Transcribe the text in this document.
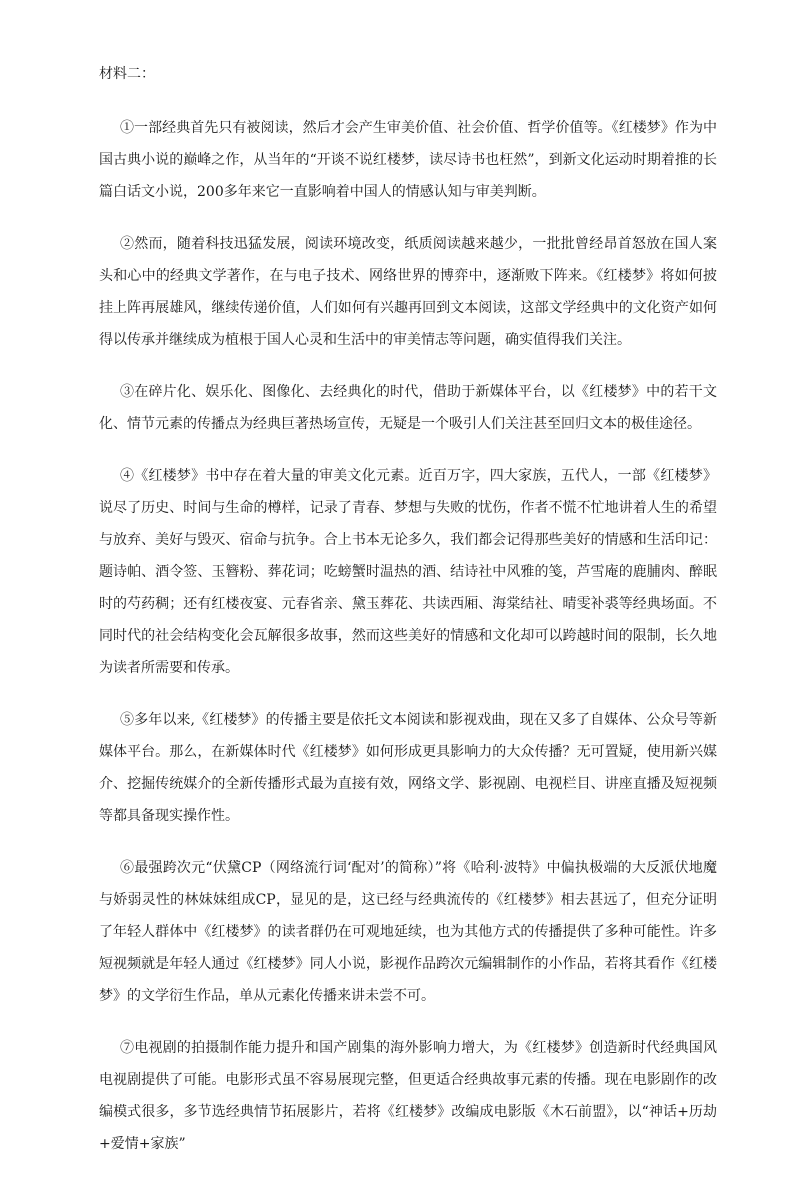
材料二：

①一部经典首先只有被阅读，然后才会产生审美价值、社会价值、哲学价值等。《红楼梦》作为中国古典小说的巅峰之作，从当年的“开谈不说红楼梦，读尽诗书也枉然”，到新文化运动时期着推的长篇白话文小说，200多年来它一直影响着中国人的情感认知与审美判断。

②然而，随着科技迅猛发展，阅读环境改变，纸质阅读越来越少，一批批曾经昂首怒放在国人案头和心中的经典文学著作，在与电子技术、网络世界的博弈中，逐渐败下阵来。《红楼梦》将如何披挂上阵再展雄风，继续传递价值，人们如何有兴趣再回到文本阅读，这部文学经典中的文化资产如何得以传承并继续成为植根于国人心灵和生活中的审美情志等问题，确实值得我们关注。

③在碎片化、娱乐化、图像化、去经典化的时代，借助于新媒体平台，以《红楼梦》中的若干文化、情节元素的传播点为经典巨著热场宣传，无疑是一个吸引人们关注甚至回归文本的极佳途径。

④《红楼梦》书中存在着大量的审美文化元素。近百万字，四大家族，五代人，一部《红楼梦》说尽了历史、时间与生命的樽样，记录了青春、梦想与失败的忧伤，作者不慌不忙地讲着人生的希望与放弃、美好与毁灭、宿命与抗争。合上书本无论多久，我们都会记得那些美好的情感和生活印记：题诗帕、酒令签、玉簪粉、葬花词；吃螃蟹时温热的酒、结诗社中风雅的笺，芦雪庵的鹿脯肉、醉眠时的芍药稠；还有红楼夜宴、元春省亲、黛玉葬花、共读西厢、海棠结社、晴雯补裘等经典场面。不同时代的社会结构变化会瓦解很多故事，然而这些美好的情感和文化却可以跨越时间的限制，长久地为读者所需要和传承。

⑤多年以来,《红楼梦》的传播主要是依托文本阅读和影视戏曲，现在又多了自媒体、公众号等新媒体平台。那么，在新媒体时代《红楼梦》如何形成更具影响力的大众传播？无可置疑，使用新兴媒介、挖掘传统媒介的全新传播形式最为直接有效，网络文学、影视剧、电视栏目、讲座直播及短视频等都具备现实操作性。

⑥最强跨次元“伏黛CP（网络流行词‘配对’的简称）”将《哈利·波特》中偏执极端的大反派伏地魔与娇弱灵性的林妹妹组成CP，显见的是，这已经与经典流传的《红楼梦》相去甚远了，但充分证明了年轻人群体中《红楼梦》的读者群仍在可观地延续，也为其他方式的传播提供了多种可能性。许多短视频就是年轻人通过《红楼梦》同人小说，影视作品跨次元编辑制作的小作品，若将其看作《红楼梦》的文学衍生作品，单从元素化传播来讲未尝不可。

⑦电视剧的拍摄制作能力提升和国产剧集的海外影响力增大，为《红楼梦》创造新时代经典国风电视剧提供了可能。电影形式虽不容易展现完整，但更适合经典故事元素的传播。现在电影剧作的改编模式很多，多节选经典情节拓展影片，若将《红楼梦》改编成电影版《木石前盟》，以“神话+历劫+爱情+家族”
